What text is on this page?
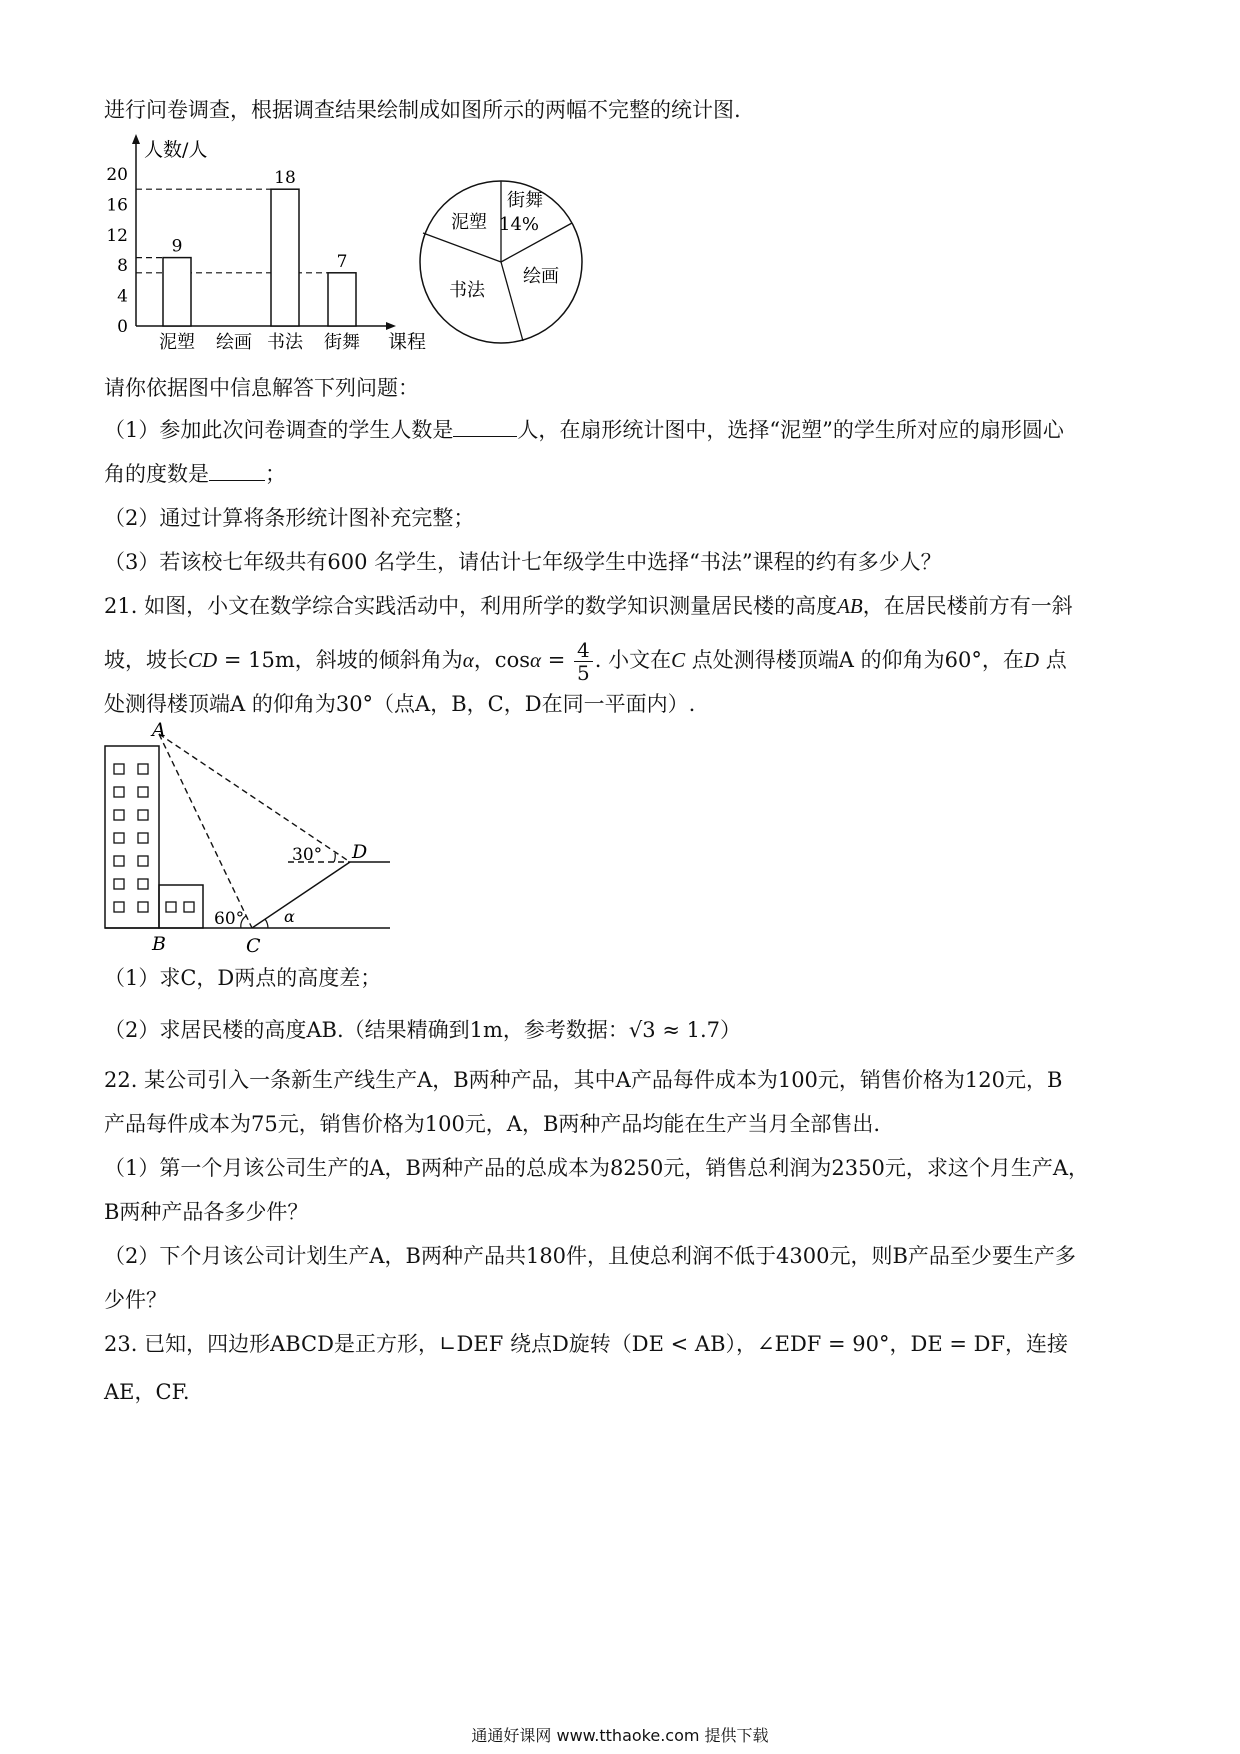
进行问卷调查，根据调查结果绘制成如图所示的两幅不完整的统计图.
人数/人
课程
0
4
8
12
16
20
9
18
7
泥塑 绘画 书法 街舞
泥塑
街舞
14%
绘画
书法
请你依据图中信息解答下列问题：
（1）参加此次问卷调查的学生人数是	人，在扇形统计图中，选择“泥塑”的学生所对应的扇形圆心
角的度数是	；
（2）通过计算将条形统计图补充完整；
（3）若该校七年级共有600 名学生，请估计七年级学生中选择“书法”课程的约有多少人？
21. 如图，小文在数学综合实践活动中，利用所学的数学知识测量居民楼的高度AB，在居民楼前方有一斜
坡，坡长CD = 15m，斜坡的倾斜角为α，$\cos\alpha = \frac{4}{5}$ . 小文在C 点处测得楼顶端A 的仰角为60°，在D 点
处测得楼顶端A 的仰角为30°（点A，B，C，D在同一平面内）.
A
B	C
D
30°
60° α
（1）求C，D两点的高度差；
（2）求居民楼的高度AB.（结果精确到1m，参考数据：√3 ≈ 1.7）
22. 某公司引入一条新生产线生产A，B两种产品，其中A产品每件成本为100元，销售价格为120元，B
产品每件成本为75元，销售价格为100元，A，B两种产品均能在生产当月全部售出.
（1）第一个月该公司生产的A，B两种产品的总成本为8250元，销售总利润为2350元，求这个月生产A，
B两种产品各多少件？
（2）下个月该公司计划生产A，B两种产品共180件，且使总利润不低于4300元，则B产品至少要生产多
少件？
23. 已知，四边形ABCD是正方形，∟DEF 绕点D旋转（DE < AB），∠EDF = 90°，DE = DF，连接
AE，CF.
通通好课网 www.tthaoke.com 提供下载
